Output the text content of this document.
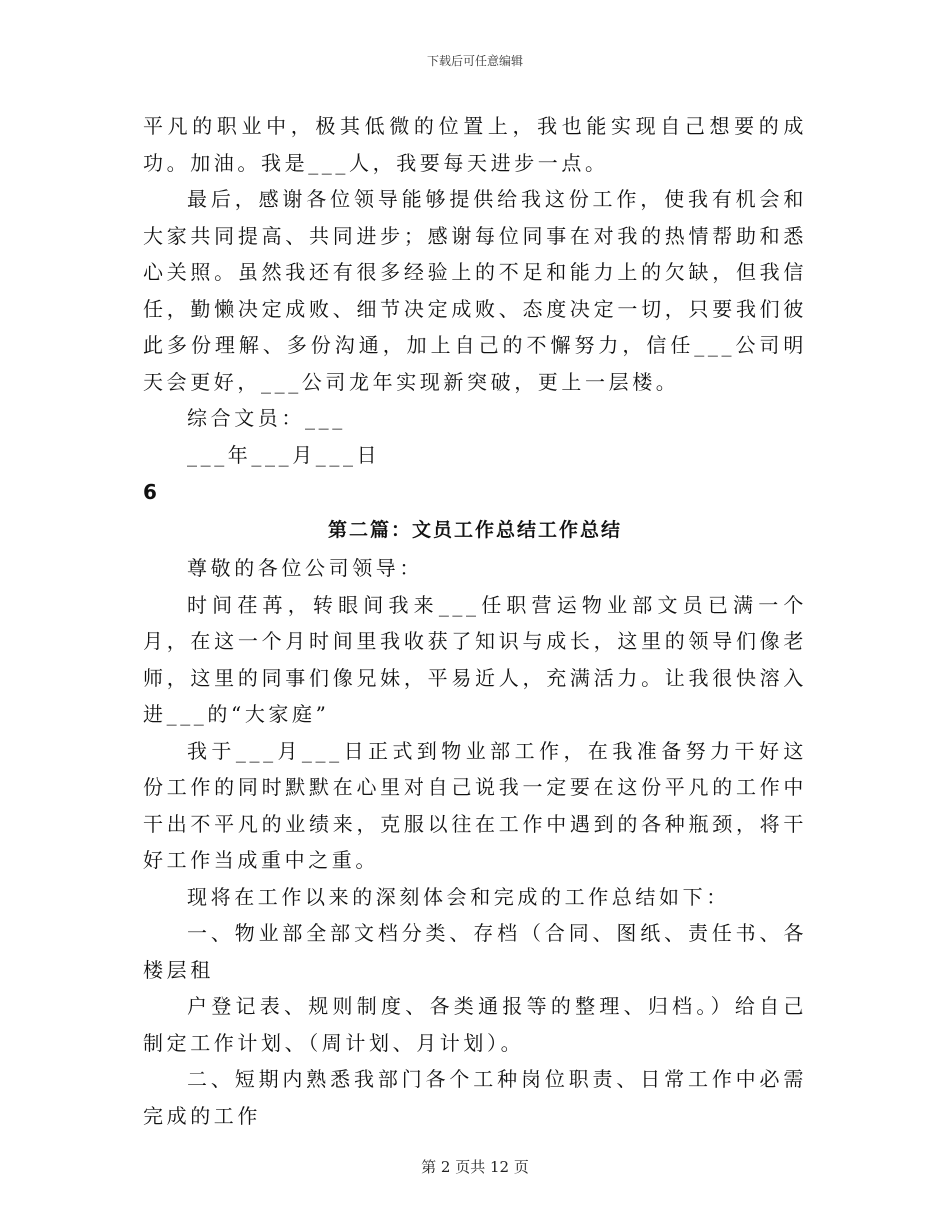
下载后可任意编辑

平凡的职业中，极其低微的位置上，我也能实现自己想要的成功。加油。我是___人，我要每天进步一点。

最后，感谢各位领导能够提供给我这份工作，使我有机会和大家共同提高、共同进步；感谢每位同事在对我的热情帮助和悉心关照。虽然我还有很多经验上的不足和能力上的欠缺，但我信任，勤懒决定成败、细节决定成败、态度决定一切，只要我们彼此多份理解、多份沟通，加上自己的不懈努力，信任___公司明天会更好，___公司龙年实现新突破，更上一层楼。

综合文员：___

___年___月___日

6

第二篇：文员工作总结工作总结

尊敬的各位公司领导：

时间荏苒，转眼间我来___任职营运物业部文员已满一个月，在这一个月时间里我收获了知识与成长，这里的领导们像老师，这里的同事们像兄妹，平易近人，充满活力。让我很快溶入进___的“大家庭”

我于___月___日正式到物业部工作，在我准备努力干好这份工作的同时默默在心里对自己说我一定要在这份平凡的工作中干出不平凡的业绩来，克服以往在工作中遇到的各种瓶颈，将干好工作当成重中之重。

现将在工作以来的深刻体会和完成的工作总结如下：

一、物业部全部文档分类、存档（合同、图纸、责任书、各楼层租

户登记表、规则制度、各类通报等的整理、归档。）给自己制定工作计划、（周计划、月计划）。

二、短期内熟悉我部门各个工种岗位职责、日常工作中必需完成的工作

第 2 页共 12 页
